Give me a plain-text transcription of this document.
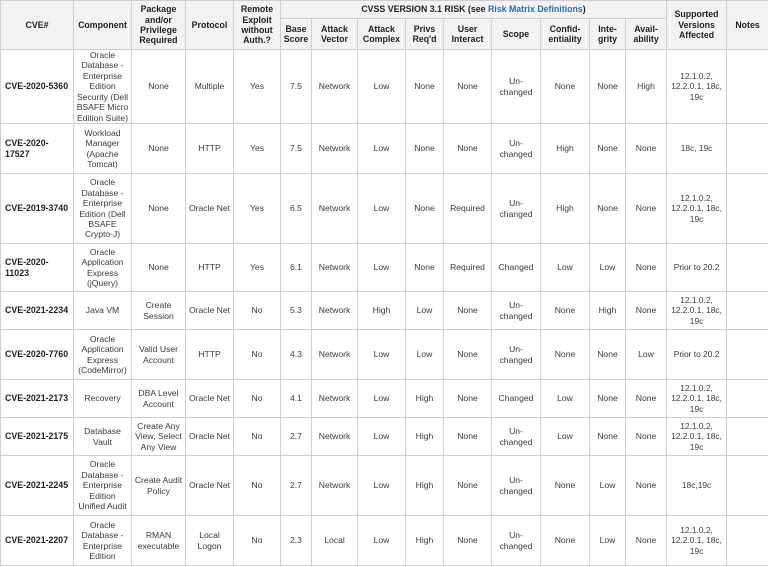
CVE#	Component	Package and/or Privilege Required	Protocol	Remote Exploit without Auth.?	CVSS VERSION 3.1 RISK (see Risk Matrix Definitions)									Supported Versions Affected	Notes
					Base Score	Attack Vector	Attack Complex	Privs Req'd	User Interact	Scope	Confid-entiality	Inte-grity	Avail-ability		
CVE-2020-5360	Oracle Database - Enterprise Edition Security (Dell BSAFE Micro Edition Suite)	None	Multiple	Yes	7.5	Network	Low	None	None	Un-changed	None	None	High	12.1.0.2, 12.2.0.1, 18c, 19c	
CVE-2020-17527	Workload Manager (Apache Tomcat)	None	HTTP	Yes	7.5	Network	Low	None	None	Un-changed	High	None	None	18c, 19c	
CVE-2019-3740	Oracle Database - Enterprise Edition (Dell BSAFE Crypto-J)	None	Oracle Net	Yes	6.5	Network	Low	None	Required	Un-changed	High	None	None	12.1.0.2, 12.2.0.1, 18c, 19c	
CVE-2020-11023	Oracle Application Express (jQuery)	None	HTTP	Yes	6.1	Network	Low	None	Required	Changed	Low	Low	None	Prior to 20.2	
CVE-2021-2234	Java VM	Create Session	Oracle Net	No	5.3	Network	High	Low	None	Un-changed	None	High	None	12.1.0.2, 12.2.0.1, 18c, 19c	
CVE-2020-7760	Oracle Application Express (CodeMirror)	Valid User Account	HTTP	No	4.3	Network	Low	Low	None	Un-changed	None	None	Low	Prior to 20.2	
CVE-2021-2173	Recovery	DBA Level Account	Oracle Net	No	4.1	Network	Low	High	None	Changed	Low	None	None	12.1.0.2, 12.2.0.1, 18c, 19c	
CVE-2021-2175	Database Vault	Create Any View, Select Any View	Oracle Net	No	2.7	Network	Low	High	None	Un-changed	Low	None	None	12.1.0.2, 12.2.0.1, 18c, 19c	
CVE-2021-2245	Oracle Database - Enterprise Edition Unified Audit	Create Audit Policy	Oracle Net	No	2.7	Network	Low	High	None	Un-changed	None	Low	None	18c,19c	
CVE-2021-2207	Oracle Database - Enterprise Edition	RMAN executable	Local Logon	No	2.3	Local	Low	High	None	Un-changed	None	Low	None	12.1.0.2, 12.2.0.1, 18c, 19c	
